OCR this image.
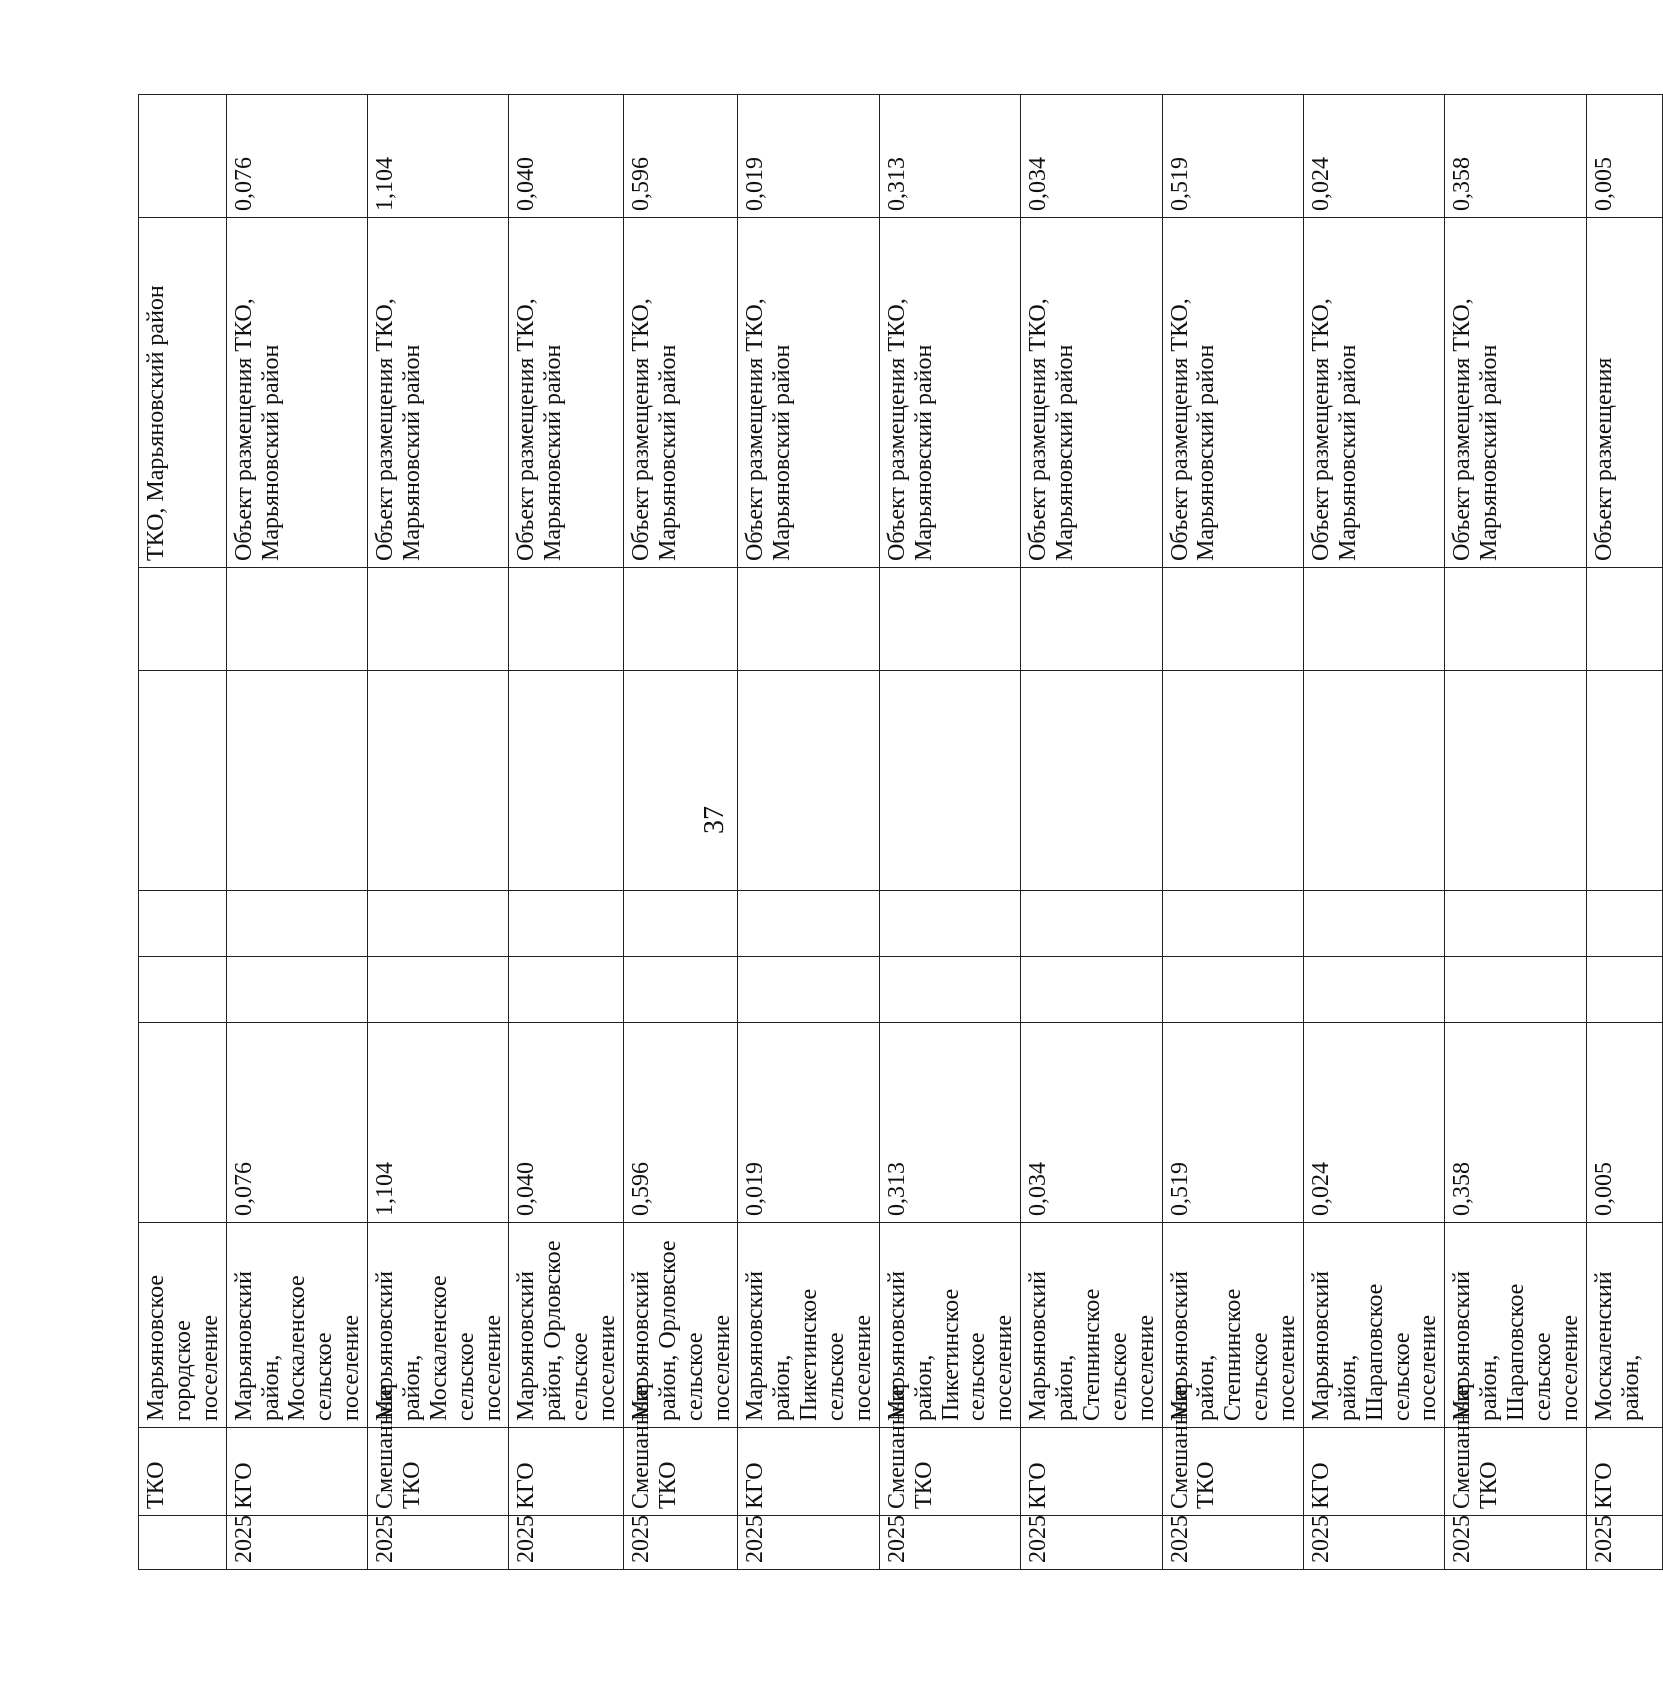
37
	ТКО	Марьяновское городское поселение						ТКО, Марьяновский район	
2025	КГО	Марьяновский район, Москаленское сельское поселение	0,076					Объект размещения ТКО, Марьяновский район	0,076
2025	Смешанные ТКО	Марьяновский район, Москаленское сельское поселение	1,104					Объект размещения ТКО, Марьяновский район	1,104
2025	КГО	Марьяновский район, Орловское сельское поселение	0,040					Объект размещения ТКО, Марьяновский район	0,040
2025	Смешанные ТКО	Марьяновский район, Орловское сельское поселение	0,596					Объект размещения ТКО, Марьяновский район	0,596
2025	КГО	Марьяновский район, Пикетинское сельское поселение	0,019					Объект размещения ТКО, Марьяновский район	0,019
2025	Смешанные ТКО	Марьяновский район, Пикетинское сельское поселение	0,313					Объект размещения ТКО, Марьяновский район	0,313
2025	КГО	Марьяновский район, Степнинское сельское поселение	0,034					Объект размещения ТКО, Марьяновский район	0,034
2025	Смешанные ТКО	Марьяновский район, Степнинское сельское поселение	0,519					Объект размещения ТКО, Марьяновский район	0,519
2025	КГО	Марьяновский район, Шараповское сельское поселение	0,024					Объект размещения ТКО, Марьяновский район	0,024
2025	Смешанные ТКО	Марьяновский район, Шараповское сельское поселение	0,358					Объект размещения ТКО, Марьяновский район	0,358
2025	КГО	Москаленский район,	0,005					Объект размещения	0,005
